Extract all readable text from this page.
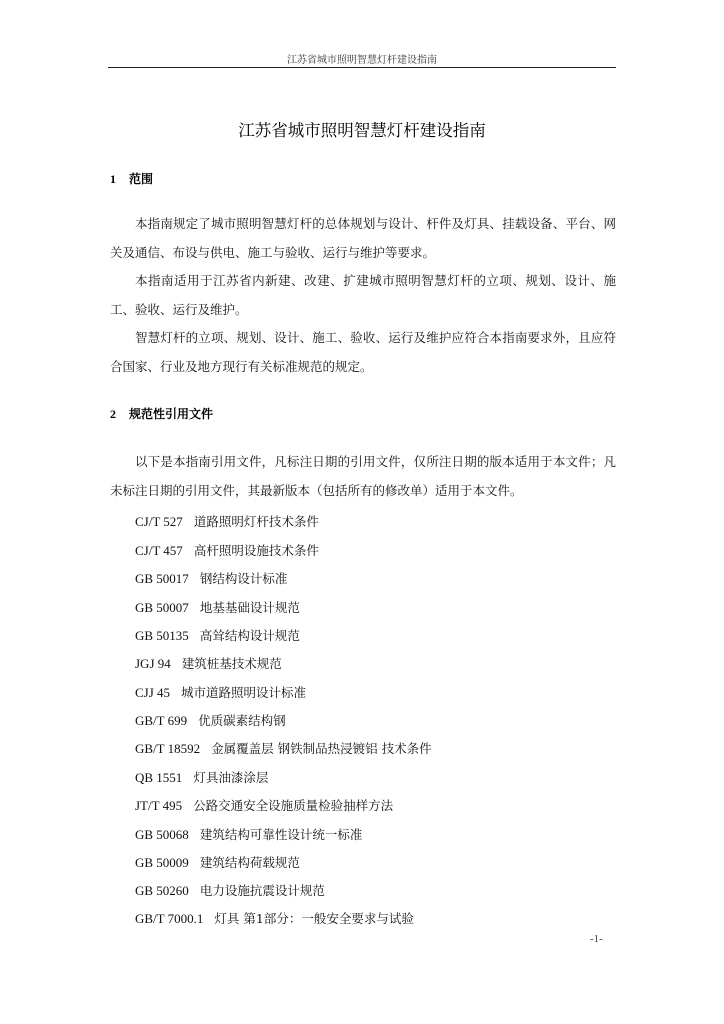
江苏省城市照明智慧灯杆建设指南
江苏省城市照明智慧灯杆建设指南
1 范围

本指南规定了城市照明智慧灯杆的总体规划与设计、杆件及灯具、挂载设备、平台、网关及通信、布设与供电、施工与验收、运行与维护等要求。

本指南适用于江苏省内新建、改建、扩建城市照明智慧灯杆的立项、规划、设计、施工、验收、运行及维护。

智慧灯杆的立项、规划、设计、施工、验收、运行及维护应符合本指南要求外，且应符合国家、行业及地方现行有关标准规范的规定。

2 规范性引用文件

以下是本指南引用文件，凡标注日期的引用文件，仅所注日期的版本适用于本文件；凡未标注日期的引用文件，其最新版本（包括所有的修改单）适用于本文件。

CJ/T 527 道路照明灯杆技术条件
CJ/T 457 高杆照明设施技术条件
GB 50017 钢结构设计标准
GB 50007 地基基础设计规范
GB 50135 高耸结构设计规范
JGJ 94 建筑桩基技术规范
CJJ 45 城市道路照明设计标准
GB/T 699 优质碳素结构钢
GB/T 18592 金属覆盖层 钢铁制品热浸镀铝 技术条件
QB 1551 灯具油漆涂层
JT/T 495 公路交通安全设施质量检验抽样方法
GB 50068 建筑结构可靠性设计统一标准
GB 50009 建筑结构荷载规范
GB 50260 电力设施抗震设计规范
GB/T 7000.1 灯具 第1部分：一般安全要求与试验
-1-
